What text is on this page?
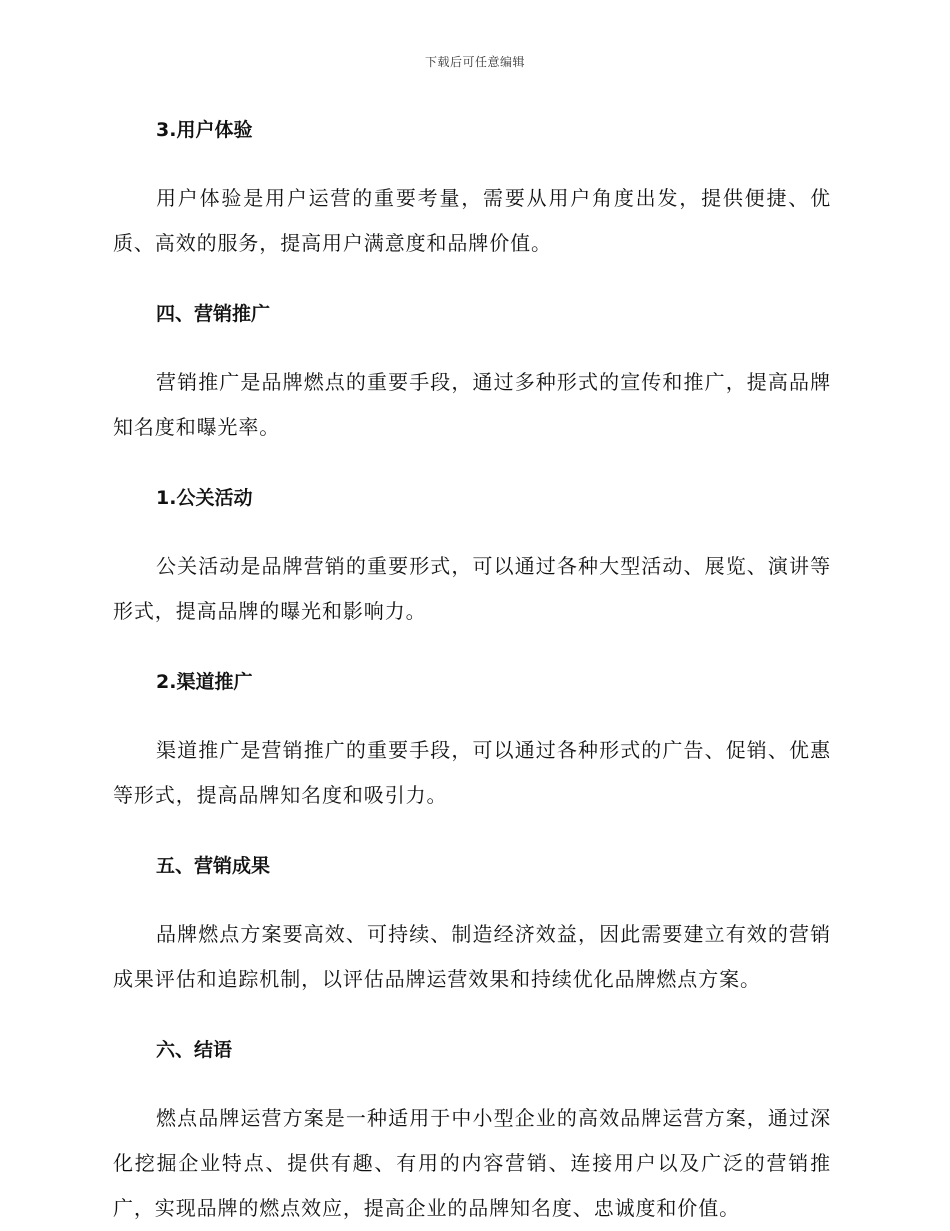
下载后可任意编辑
3.用户体验

用户体验是用户运营的重要考量，需要从用户角度出发，提供便捷、优质、高效的服务，提高用户满意度和品牌价值。

四、营销推广

营销推广是品牌燃点的重要手段，通过多种形式的宣传和推广，提高品牌知名度和曝光率。

1.公关活动

公关活动是品牌营销的重要形式，可以通过各种大型活动、展览、演讲等形式，提高品牌的曝光和影响力。

2.渠道推广

渠道推广是营销推广的重要手段，可以通过各种形式的广告、促销、优惠等形式，提高品牌知名度和吸引力。

五、营销成果

品牌燃点方案要高效、可持续、制造经济效益，因此需要建立有效的营销成果评估和追踪机制，以评估品牌运营效果和持续优化品牌燃点方案。

六、结语

燃点品牌运营方案是一种适用于中小型企业的高效品牌运营方案，通过深化挖掘企业特点、提供有趣、有用的内容营销、连接用户以及广泛的营销推广，实现品牌的燃点效应，提高企业的品牌知名度、忠诚度和价值。
